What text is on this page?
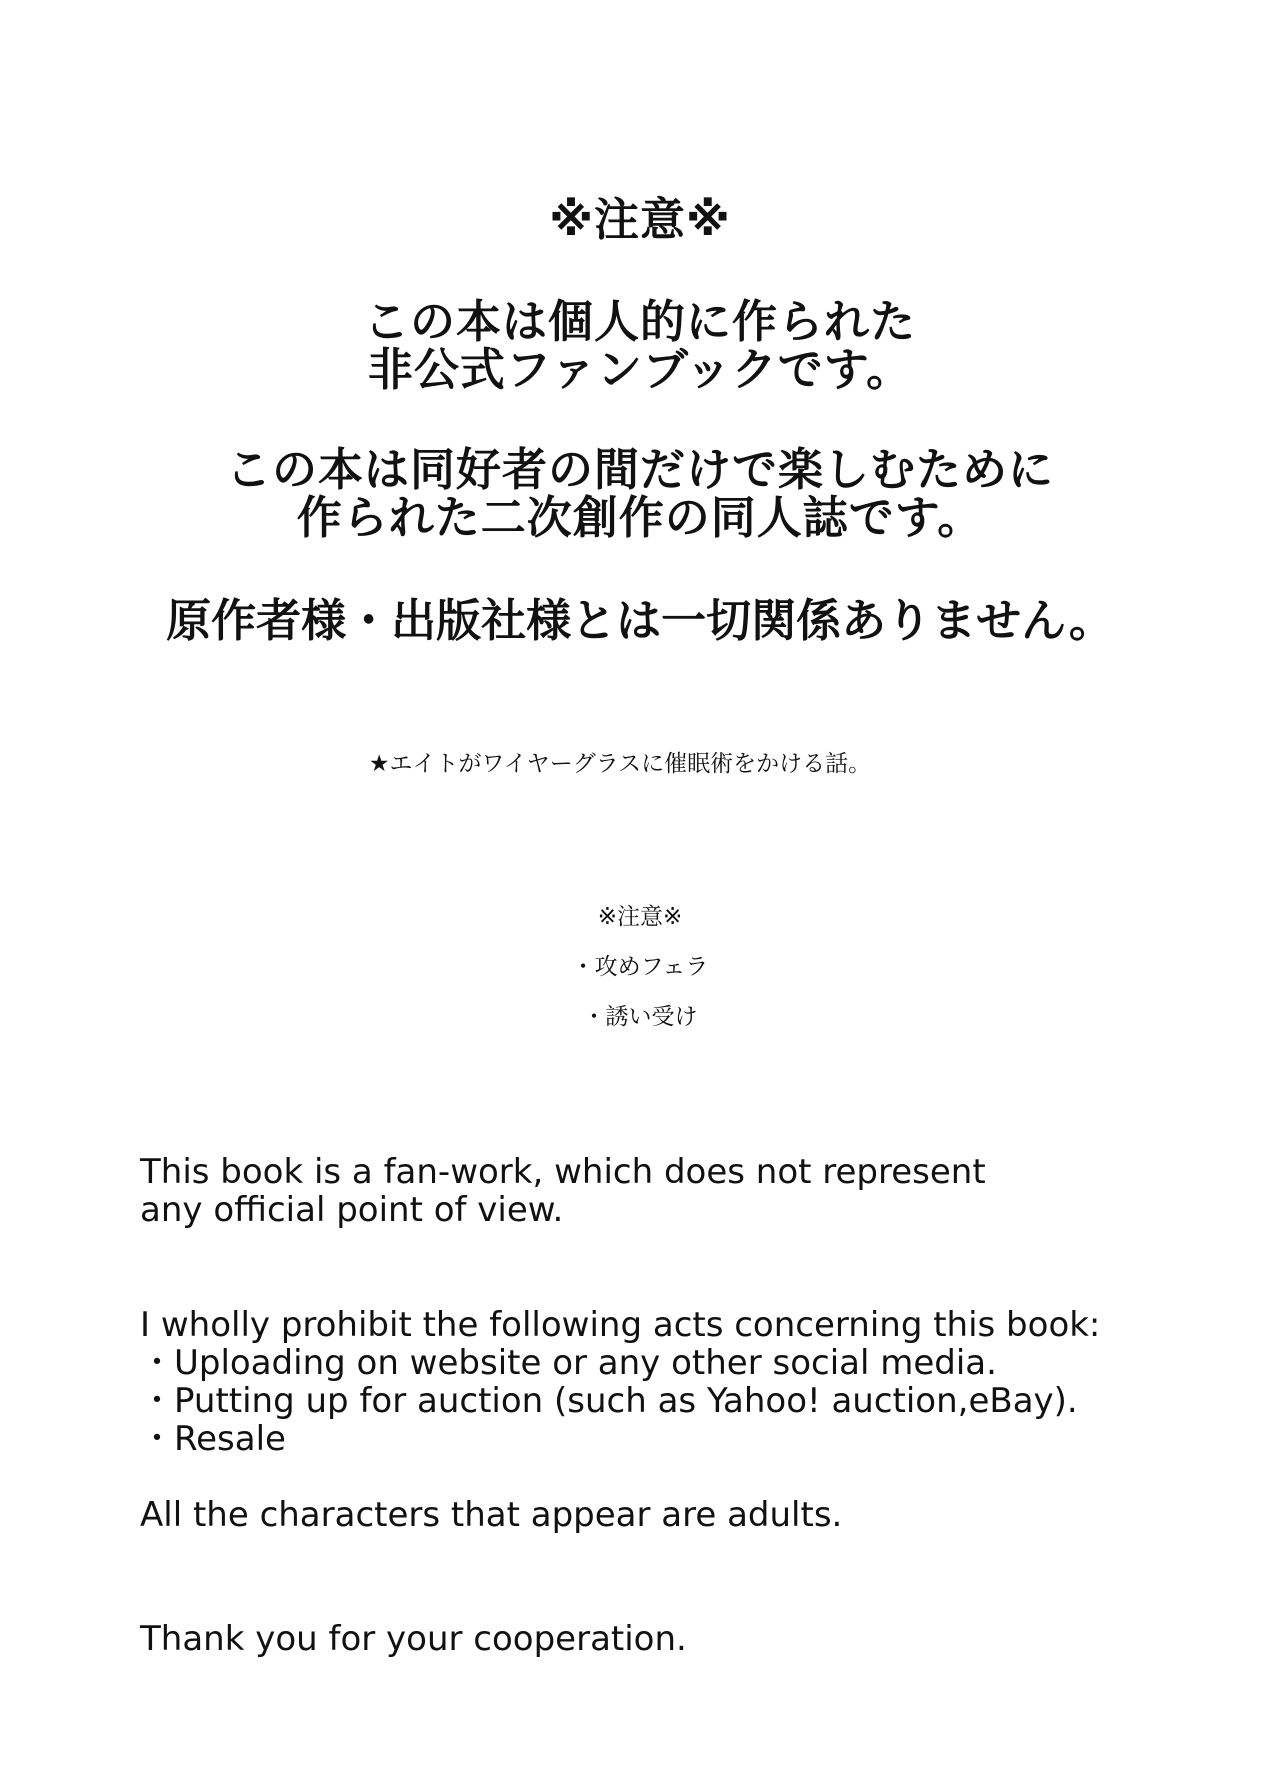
※注意※

この本は個人的に作られた

非公式ファンブックです。

この本は同好者の間だけで楽しむために

作られた二次創作の同人誌です。

原作者様・出版社様とは一切関係ありません。

★エイトがワイヤーグラスに催眠術をかける話。

※注意※

・攻めフェラ

・誘い受け

This book is a fan-work, which does not represent

any official point of view.

I wholly prohibit the following acts concerning this book:

・Uploading on website or any other social media.

・Putting up for auction (such as Yahoo! auction,eBay).

・Resale

All the characters that appear are adults.

Thank you for your cooperation.
